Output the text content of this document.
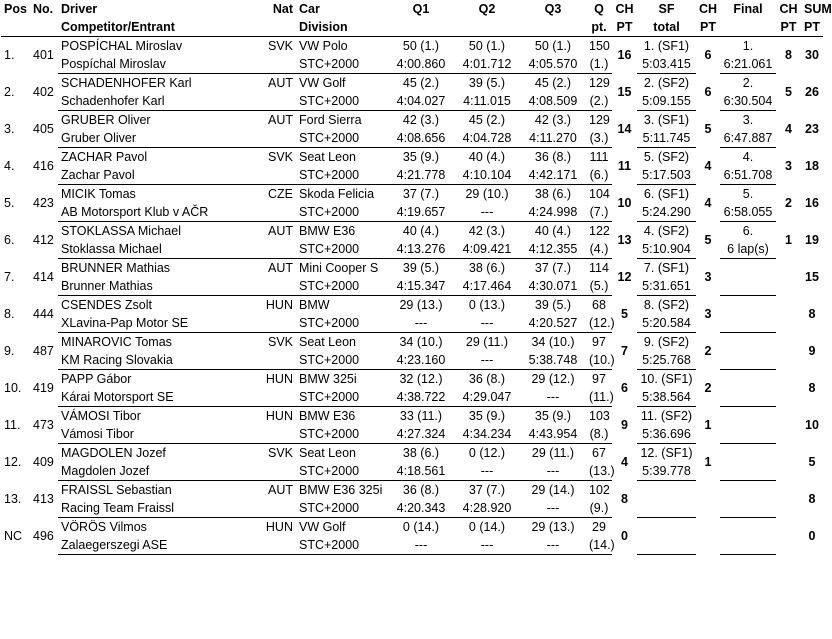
Pos	No.	Driver	Nat	Car	Q1	Q2	Q3	Q	CH	SF	CH	Final	CH	SUM
		Competitor/Entrant		Division				pt.	PT	total	PT		PT	PT
1.	401	POSPÍCHAL Miroslav	SVK	VW Polo	50 (1.)	50 (1.)	50 (1.)	150	16	1. (SF1)	6	1.	8	30
		Pospíchal Miroslav		STC+2000	4:00.860	4:01.712	4:05.570	(1.)		5:03.415		6:21.061		
2.	402	SCHADENHOFER Karl	AUT	VW Golf	45 (2.)	39 (5.)	45 (2.)	129	15	2. (SF2)	6	2.	5	26
		Schadenhofer Karl		STC+2000	4:04.027	4:11.015	4:08.509	(2.)		5:09.155		6:30.504		
3.	405	GRUBER Oliver	AUT	Ford Sierra	42 (3.)	45 (2.)	42 (3.)	129	14	3. (SF1)	5	3.	4	23
		Gruber Oliver		STC+2000	4:08.656	4:04.728	4:11.270	(3.)		5:11.745		6:47.887		
4.	416	ZACHAR Pavol	SVK	Seat Leon	35 (9.)	40 (4.)	36 (8.)	111	11	5. (SF2)	4	4.	3	18
		Zachar Pavol		STC+2000	4:21.778	4:10.104	4:42.171	(6.)		5:17.503		6:51.708		
5.	423	MICIK Tomas	CZE	Skoda Felicia	37 (7.)	29 (10.)	38 (6.)	104	10	6. (SF1)	4	5.	2	16
		AB Motorsport Klub v AČR		STC+2000	4:19.657	---	4:24.998	(7.)		5:24.290		6:58.055		
6.	412	STOKLASSA Michael	AUT	BMW E36	40 (4.)	42 (3.)	40 (4.)	122	13	4. (SF2)	5	6.	1	19
		Stoklassa Michael		STC+2000	4:13.276	4:09.421	4:12.355	(4.)		5:10.904		6 lap(s)		
7.	414	BRUNNER Mathias	AUT	Mini Cooper S	39 (5.)	38 (6.)	37 (7.)	114	12	7. (SF1)	3			15
		Brunner Mathias		STC+2000	4:15.347	4:17.464	4:30.071	(5.)		5:31.651				
8.	444	CSENDES Zsolt	HUN	BMW	29 (13.)	0 (13.)	39 (5.)	68	5	8. (SF2)	3			8
		XLavina-Pap Motor SE		STC+2000	---	---	4:20.527	(12.)		5:20.584				
9.	487	MINAROVIC Tomas	SVK	Seat Leon	34 (10.)	29 (11.)	34 (10.)	97	7	9. (SF2)	2			9
		KM Racing Slovakia		STC+2000	4:23.160	---	5:38.748	(10.)		5:25.768				
10.	419	PAPP Gábor	HUN	BMW 325i	32 (12.)	36 (8.)	29 (12.)	97	6	10. (SF1)	2			8
		Kárai Motorsport SE		STC+2000	4:38.722	4:29.047	---	(11.)		5:38.564				
11.	473	VÁMOSI Tibor	HUN	BMW E36	33 (11.)	35 (9.)	35 (9.)	103	9	11. (SF2)	1			10
		Vámosi Tibor		STC+2000	4:27.324	4:34.234	4:43.954	(8.)		5:36.696				
12.	409	MAGDOLEN Jozef	SVK	Seat Leon	38 (6.)	0 (12.)	29 (11.)	67	4	12. (SF1)	1			5
		Magdolen Jozef		STC+2000	4:18.561	---	---	(13.)		5:39.778				
13.	413	FRAISSL Sebastian	AUT	BMW E36 325i	36 (8.)	37 (7.)	29 (14.)	102	8					8
		Racing Team Fraissl		STC+2000	4:20.343	4:28.920	---	(9.)						
NC	496	VÖRÖS Vilmos	HUN	VW Golf	0 (14.)	0 (14.)	29 (13.)	29	0					0
		Zalaegerszegi ASE		STC+2000	---	---	---	(14.)						
